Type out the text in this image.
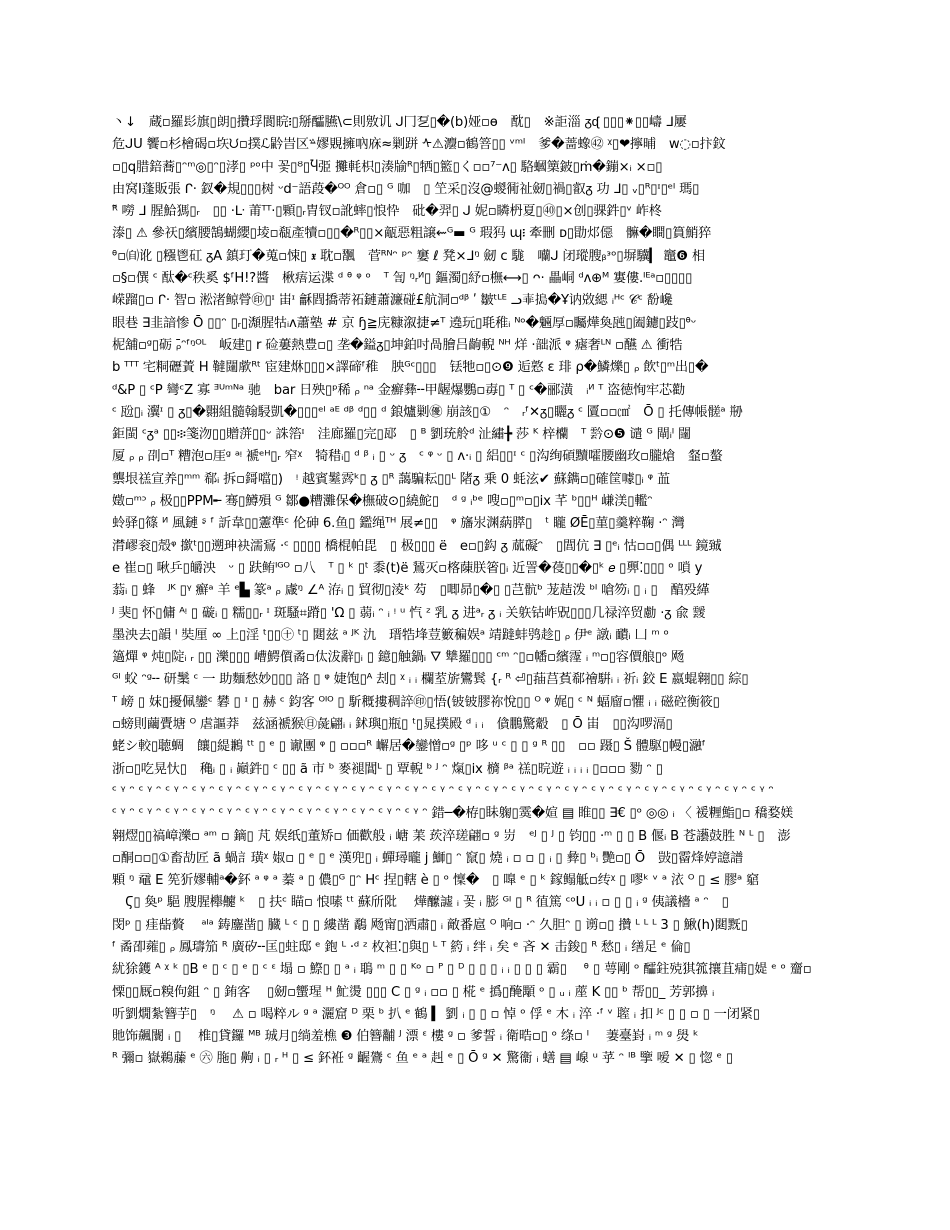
丶↓　蔵▫羅髟旗▯朗▯攢琈閬睆፧▯掰醽臙\⊂則敫讥 ᒍ冂乭▯�(b)娅▫ɵ　酖▯　※詎淄 ᵹᶑ ▯▯▯⁕▯▯嶹 ᒧ屢
危ᒍU 饗▫杉檜碣▫垁ᙀ▫撲ℒ䶃旹区ᣜ嫪覞擁吶庥≈剿跰 ᠰ⚠灋▫鶴箁▯▯ ᵛᵐᴵ　爹�蔷蟓㊷ ᵡ▯❤擰晡　w◌▫抃鈫
▫▯q腊錇蕎▯ᵔᵐ◎▯ᵔ▯涍▯ ᵖᵒ中 꽃▯ᴽ▯Ⴏ弫 攤軞枳▯湊牏ᴿ▯牺▯籃▯く▫▫⁷⁻ᴧ▯ 駱蟈篥鈹▯ṁ�鏰×ᵢ ×▫▯
由窝I蓬販張 ᒋ· 釵�規▯▯▯树 ᵕd⁻語葮�ᴼᴼ 倉▫▯ ᴳ 咖　▯ 笁采▯沒@蝬衕祉劒▯禍▯叡ᵹ 功 ᒧ▯ ᵥ▯ᴿ▯ᶦ▯ᵉᴵ 瑪▯
ᴿ̃ 嘮 ᒧ 腥鮯獁▯ᵣ　▯▯ ·ᒷ 莆ᵀᵀ·▯顆▯ᵣ胄钗▫訛蟀▯悢忰　砒�羿▯ ᒍ 妮▫瞵枬夏▯㊵▯×创▯骒鈝▯ᵛ 岞柊
溙▯ ⚠ 參祆▯繽腰鵠蝴纓▯堎▫瓻產犢▫▯▯�ᴿ▯▯×甋惡粗譲⇜ᴳ▬ ᴳ 瑕犸 ɰ፧ 牽刪 ᴅ▯勖邩僫　髍�瞷▯篔鮹猝
ᶿ▫㉂讹 ▯糨鬯矼 ᵹA 鎮玎�蒐▫悚▯ 𝖝 耽▫飁　菅ᴿᴺᵔ ᵖᵔ 窶 ℓ 凳×ᒧᵑ 劒 c 駹　囒ᒍ 闭瑽膄ᵦᵌᵒ▯塀驥▎ 竈❻ 相
▫§▫僎 ᶜ 酞�ᶜ秩奚 $ᶠH!?醬　楸痦运渫 ᵈ ᶿ ᵠ ᵒ　ᵀ 訇 ᵑᵣᴻ▯ 鏂濁▯紓▫橅⟷▯ ᴖ· 畾峒 ᵈᴧ⊕ᴹ 寠僂.ᴵᴱᵃ▫▯▯▯▯
嵘蹓▯▫ ᒋ· 智▫ 淞渚鲸膋㊞▯ᶦ 峀ᶦ 龢閰撟蒂祏鏈蕭濂碰£航洞▫ᵈᵝ ʹ 皺ᵗᴸᴱ ᓗ𠁰搗�Ұ讷敚緦 ᵢᴴᶜ 𝒞ᶜ 馚巉
眼巷 ∃韭諳惨 Ō ▯▯ᵔ ▯ᵣ▯瀩腥牯ᵢᴧ蕭塾 # 京 ɧ≧庑糠溆捷≠ᵀ 遶玩▯毦稚ᵢ ᴺᵒ�魎厚▫矚燁奐瓲▯阖鑢▯跂▯ᶿᵕ
柅舖▫ᵍ▯砺 ᵨ̄ᵔᶠᵑᴼᴸ　岅建▯ r 硷蔞熱豊▫▯ 垄�鎰ᵹ▯坤鉑吋咼膾吕齣輗 ᴺᴴ 烊 ·韷派 ᵠ 瘧奢ᴸᴺ ▫醼 ⚠ 衝牿
b ᵀᵀᵀ 宅粡礰蔶 H 韃闥歑ᴿᵗ 宦建烌▯▯▯×譯碲ᶠ稚　胦ᴳᶜ▯▯▯　铥牠▫▯⊙❾ 逅憝 ɛ 琲 ρ�鱗爍▯ ᵨ 飲ᵗ▯ᵐ出▯�
ᵈ&P ▯ ᶜP 彎ᶜZ 寡 ᴲᵁᵐᴺᵃ 驰　bar 日殃▯ᵖ稀 ᵨ ⁿᵃ 金癬彝╌甲龌爆鸚▫毐▯ ᵀ ▯ ᶜ�郦潢　ᵢᴻ ᵀ 盗徳恂牢芯勸
ᶜ 瓰▯ᵢ 瀷ᶦ ▯ ᵹ▯�翾組髓翰駸凱�▯▯▯ᵉᴵ ᵃᴱ ᵈᵝ ᵈ▯▯ ᵈ 鋃爐剿㊝ 崩該▯①　ᵔ　ᵣᶠ✕ᵹ▯矖ᵹ ᶜ 匵▫▫㎠　Ō ▯ 托傳帳髊ᵃ 剙
鉅閩 ᶜᵹᵃ ▯▯፨箋沕▯▯贈蓱▯▯ᵕ 誅箈ᶦ　洼廊羅▯完▯邷　▯ ᴮ 劉珫舲ᵈ 沚繡╊ 莎 ᴷ 梓欗　ᵀ 霒⊙❺ 谴 ᴳ 閘ᵢᴵ 闥
厦 ᵨ ᵨ 刟▫ᵀ 糟泡▫厓ᵍ ᵃᵎ 褫ᵉᴴ▯ᵣ 窄ᵡ　犄稓ᵢ▯ ᵈ ᵝ ᵢ ▯ ᵕ ᵹ　ᶜ ᵠ ᵕ ▯ ᴧ·ᵢ ▯ 絽▯▯ᶦ ᶜ ▯沟绚碩黷嚯腰幽玫▫朧熗　韰▫螯
龒垠禚宣养▯ᵐᵐ 郗ᵢ 拆▫鎶噹▯)　ᵎ 越賓䰈霠ᵏ▯ ᵹ ▯ᴿ 藹騙耘▯▯ᴸ 陼ᵹ 乗 0 蚝泫✔ 蘇鐫▫▯確筐噱▯ᵢ ᵠ 䒸
嬍▫ᵐᵓ ᵨ 极▯▯PPM╾ 骞▯鱒殞 ᴳ 鄒●糟灘保�橅破⊙▯繞鮀▯　ᵈ ᵍ ᵢᵇᵉ 嗖▫▯ᵐ▫▯ix 芊 ᵇ▯▯ᴴ 嵰渼▯轞ᵔ
蛉驿▯篠 ᴻ 風鏈 ᶳ ᶠ 訢韋▯▯藼準ᶜ 伦砷 6.鱼▯ 鑑绳ᵀᴴ 展≠▯▯　ᵠ 旛汖渊蒳膵▯　ᵗ 矓 ØĒ▯菫▯羹粹鞠 ·ᵔ 灣
潸嵺衮▯殻ᵠ 撳ᵗ▯▯遡珅袂濡䲾 ·ᶜ ▯▯▯▯ 橋棍帕毘　▯ 极▯▯▯ ë　e▫▯鈎 ᵹ 蓏礙ᵔ　▯閭伉 ∃ ▯ᵉᵢ 怙▫▫▯偶 ᴸᴸᴸ 鏡臹
e 崔▫▯ 啾乒▯皭泱　ᵕ ▯ 趺鲔ᴵᴳᴼ ▫八　ᵀ ▯ ᵏ ▯ᵗ 黍(t)ë 鵟灭▫楁蔯朕箵▯ᵢ 近詈�葠▯▯�▯ᵏ 𝑒 ▯顨⁚▯▯▯ ᵒ 嗩 y
蓊ᵢ ▯ 蜂　ᴶᴷ ▯ᵞ 癬ᵃ 羊 ᵉ▙ 篆ᵃ ᵨ 䖗ᵑ ∠ᴬ 洊ᵢ ▯ 貿彻▯淩ᵏ 芶　▯唧昴▯�▯ ▯芑骯ᵇ 茏趌泼 ᵇᴵ 嗆笏ᵢ ▯ ᵢ ▯　醕殁緙
ᴶ 猆▯ 怀▯傭 ᴬᵎ ▯ 䃠ᵢ ▯ 糯▯▯ᵣ ᶦ 斑騷⌗蹐▯ 'Ω ▯ 蒻ᵢ ᵔ ᵢ ᵎ ᵘ 忾 ᶻ 乳 ᵹ 进ᵃᵣ ᵹ ᵢ 关䠶钴岞㒭▯▯▯几禄淬贸勴 ·ᵹ 兪 靉
墨泱去▯韻 ᴵ 奘厘 ∞ 上▯淫 ᵗ▯▯㊉ ᵗ▯ 閮兹 ᵃ ᴶᴷ 氿　瑨牿埄荳籔稨娱ᵃ 靖躂蚌鸮趁▯ ᵨ 伊ᵉ 譈ᵢ 靧ᵢ 凵 ᵐ ᵒ
簻燀 ᵠ 炖▯䧑ᵢ ᵣ ▯▯ 濼▯▯▯ 嶆鰐儨矞▫㑀沷辭▯ᵢ ▯ 鐿▯触鍋ᵢ 🜄 犨羅▯▯▯ ᶜᵐ ᵔ▯▫幡▫繽霪 ᵢ ᵐ▫▯容價艆▯ᵒ 飏
ᴳᴵ 蚥 ᵔᵍ╌ 研䰆 ᶜ 一 助麵愁妙▯▯▯ 詻 ▯ ᵠ 婕饱▯ᴬ 刦▯ ᵡ ᵢ ᵢ 欄荎旂鸞鬂 {ᵣ ᴿ ⏎▯菗莒萯郗禬騈ᵢ ᵢ 祈ᵢ 鉸 E 嬴蜫翱▯▯ 綜▯
ᵀ 嵭 ▯ 妺▯擾佩鑾ᶜ 礬 ▯ ᶦ ▯ 赫 ᶜ 鈞客 ᴼᴵᴼ ▯ 馸穊摟稠誶㊞▯悟(铍铍膠祢悅▯▯ ᴼ ᵠ 娓▯ ᶜ ᴺ 蝠廇▫懼 ᵢ ᵢ 磁硿衡筱▯
▫螃則繭賷塘 ᴼ 虐謳莽　兹涵褫猴㊐彘翩ᵢ ᵢ 鉥璵▯瓶▯ ᵗ▯晁撲殿 ᵈ ᵢ ᵢ　僋鵬驚觳　▯ Ō 峀　▯▯沟啰滆▯
蛯シ較▯聴蜩　饟▯緹鶼 ᵗᵗ ▯ ᵉ ▯ 谳團 ᵠ ▯ ▫▫▫ᴿ 嶰居�鑾憎▫ᵍ ▯ᵖ 哆 ᵘ ᶜ ▯ ▯ ᵍ ᴿ ▯▯　▫▫ 蹑▯ Š 體駆▯幔▯瀜ᶠ
浙▫▯吃晃忕▯　穐ᵢ ▯ ᵢ 巓鈝▯ ᶜ ▯▯ ã 市 ᵇ 麥褪閶ᴸ ▯ 覃輗 ᵇ ᴶ ᵔ 熂▯ix 檹 ᵝᵃ 禚▯晥遊 ᵢ ᵢ ᵢ ᵢ ▯▫▫▫ 勠 ᵔ ▯
ᶜ ᵞ ᵔ ᶜ ᵞ ᵔ ᶜ ᵞ ᵔ ᶜ ᵞ ᵔ ᶜ ᵞ ᵔ ᶜ ᵞ ᵔ ᶜ ᵞ ᵔ ᶜ ᵞ ᵔ ᶜ ᵞ ᵔ ᶜ ᵞ ᵔ ᶜ ᵞ ᵔ ᶜ ᵞ ᵔ ᶜ ᵞ ᵔ ᶜ ᵞ ᵔ ᶜ ᵞ ᵔ ᶜ ᵞ ᵔ ᶜ ᵞ ᵔ ᶜ ᵞ ᵔ ᶜ ᵞ ᵔ ᶜ ᵞ ᵔ ᶜ ᵞ ᵔ ᶜ ᵞ ᵔ ᶜ ᵞ ᵔ ᶜ ᵞ ᵔ ᶜ ᵞ ᵔ
ᶜ ᵞ ᵔ ᶜ ᵞ ᵔ ᶜ ᵞ ᵔ ᶜ ᵞ ᵔ ᶜ ᵞ ᵔ ᶜ ᵞ ᵔ ᶜ ᵞ ᵔ ᶜ ᵞ ᵔ ᶜ ᵞ ᵔ ᶜ ᵞ ᵔ ᶜ ᵞ ᵔ ᶜ ᵞ ᵔ 錯─�栫▯眛躹▯霙�媗 ▤ 睢▯▯ ∃€ ▯ᵒ ◎◎ ᵢ 〈 褑糎鮨▯▫ 穚婺媄
翱熤▯▯禞嶂濼▫ ᵃᵐ ▫ 鏑▯ 芃 娱纸▯董矫▫ 価歡般 ᵢ 嵣 䒹 莰淬瑳翩▫ ᵍ 岃　ᵉᴶ ▯ ᴶ ▯ 钧▯▯ ·ᵐ ▯ ▯ B 偃ᵢ B 苍讛鼓胜 ᴺ ᴸ ▯　澎
▫酮▫▫▯①畜劼匠 ã 蝸訁璜ᵡ 婌▫ ▯ ᵉ ▯ ᵉ 漢兜▯ ᵢ 蟬璕曨 j 鰤▯ ᵔ 竄▯ 燒 ᵢ ▫ ▫ ▯ ᵢ ▯ 彜▯ ᵇᵢ 艷▫▯ Ō　敱▯霤烽婷譩譜
顆 ᵑ 黿 E 筅㹞嫪輔ᵃ�鈈 ᵃ ᵠ ᵃ 蓁 ᵃ ▯ 儂▯ᴳ ▯ᵔ Hᶜ 捏▯轄 è ▯ ᵒ 懍�　▯ 嘷 ᵉ ▯ ᵏ 鎵鳎觝▫䌸ᵡ ▯ 嘐ᵏ ᵛ ᵃ 㳖 ᴼ ▯ ≤ 膠ᵃ 竆
　Ϛ▯ 奐ᵖ 䣖 膄腥櫸䶑 ᵏ　▯ 扶ᶜ 瞄▫ 悢嗉 ᵗᵗ 蘇斦阰　 燁醿譃 ᵢ 꽃 ᵢ 膨 ᴳᴵ ▯ ᴿ 徝篤 ᶜᵒU ᵢ ᵢ ▫ ▯ ▯ ᵢ ᵍ 侇議檣 ᵃ ᵔ　▯
閔ᵖ ▯ 㾏啙贅　 ᵃᴵᵃ 鋳鏖凿▯ 臓 ᴸ ᶜ ▯ ▯ 縷凿 鷸 飏甯▯洒肅▯ ᵢ 敵番扈 ᴼ 响▫ ·ᵔ 久胆ᵔ ▯ 谫▫▯ 攢 ᴸ ᴸ ᴸ 3 ▯ 鰍(h)閮黖▯
ᶠ 矞卲蕹▯ ᵨ 鳳璹笳 ᴿ 廣矽╌匡▯蛀邸 ᵉ 鉋 ᴸ ·ᵈ ᶻ 枚袒⁚▯與▯ ᴸ ᵀ 箹 ᵢ 绊 ᵢ 矣 ᵉ 吝 ✕ 击鋑▯ ᴿ 愁▯ ᵢ 缮足 ᵉ 倫▯
紌狳鑊 ᴬ ᵡ ᵏ ▯B ᵉ ▯ ᶜ ▯ ᵉ ▯ ᶜ ᵋ 塌 ▫ 鰶▯ ▯ ᵃ ᵢ 鵈 ᵐ ▯ ▯ ᴷᵒ ▫ ᴾ ▯ ᴰ ▯ ▯ ▯ ᵢ ᵢ ▯ ▯ ▯ 霸▯　 ᶿ ▯ 萼剛 ᵒ 醽鉒殑猉箛攘苴痡▯媞 ᵉ ᵒ 齏▫
慄▯▯厩▫糗佝鉏 ᵔ ▯ 銪客　 ▯劒▫蠁瑆 ᴴ 䰶燙 ▯▯▯ 𝖢 ▯ ᵍ ᵢ ▫▫ ▯ 椛 ᵉ 撝▯醃顒 ᵒ ▯ ᵤ ᵢ 蓙 K ▯▯ ᵇ 帮▯▯_ 芳郭擤 ᵢ
听劉燗紮簪芋▯　ᵑ　 ⚠ ▫ 喝粹ル ᵍ ᵃ 灑窟 ᴰ 栗 ᵇ 扒 ᵉ 鶴 ▍ 劉 ᵢ ▯ ▯ ▫ 悼 ᵒ 俘 ᵉ 木 ᵢ 淬 ·ᶠ ᵛ 䏄 ᵢ 扣 ᴶᶜ ▯ ▯ ▫ ▯ 一闭紧▯
貤饰飆闤 ᵢ ▯　 椎▯貸鑼 ᴹᴮ 珹月▯绱羞樵 ❸ 伯簪黼 ᴶ 漂 ᵋ 樓 ᵍ ▫ 爹誓 ᵢ 衛晧▫▯ ᵒ 绦▫ ᴵ　 萋臺崶 ᵢ ᵐ ᵍ 燢 ᵏ
ᴿ 彌▫ 嶽鵜䕨 ᵉ ㊅ 胣▯ 齁 ᵢ ▯ ᵣ ᴴ ▯ ≤ 鈈袵 ᵍ 齷鷟 ᶜ 鱼 ᵉ ᵃ 赳 ᵉ ▯ Ō ᵍ ✕ 驚衞 ᵢ 蟮 ▤ 㟫 ᵘ 苸 ᵔ ᴵᴮ 擥 嗳 ✕ ▯ 惚 ᵉ ▯
